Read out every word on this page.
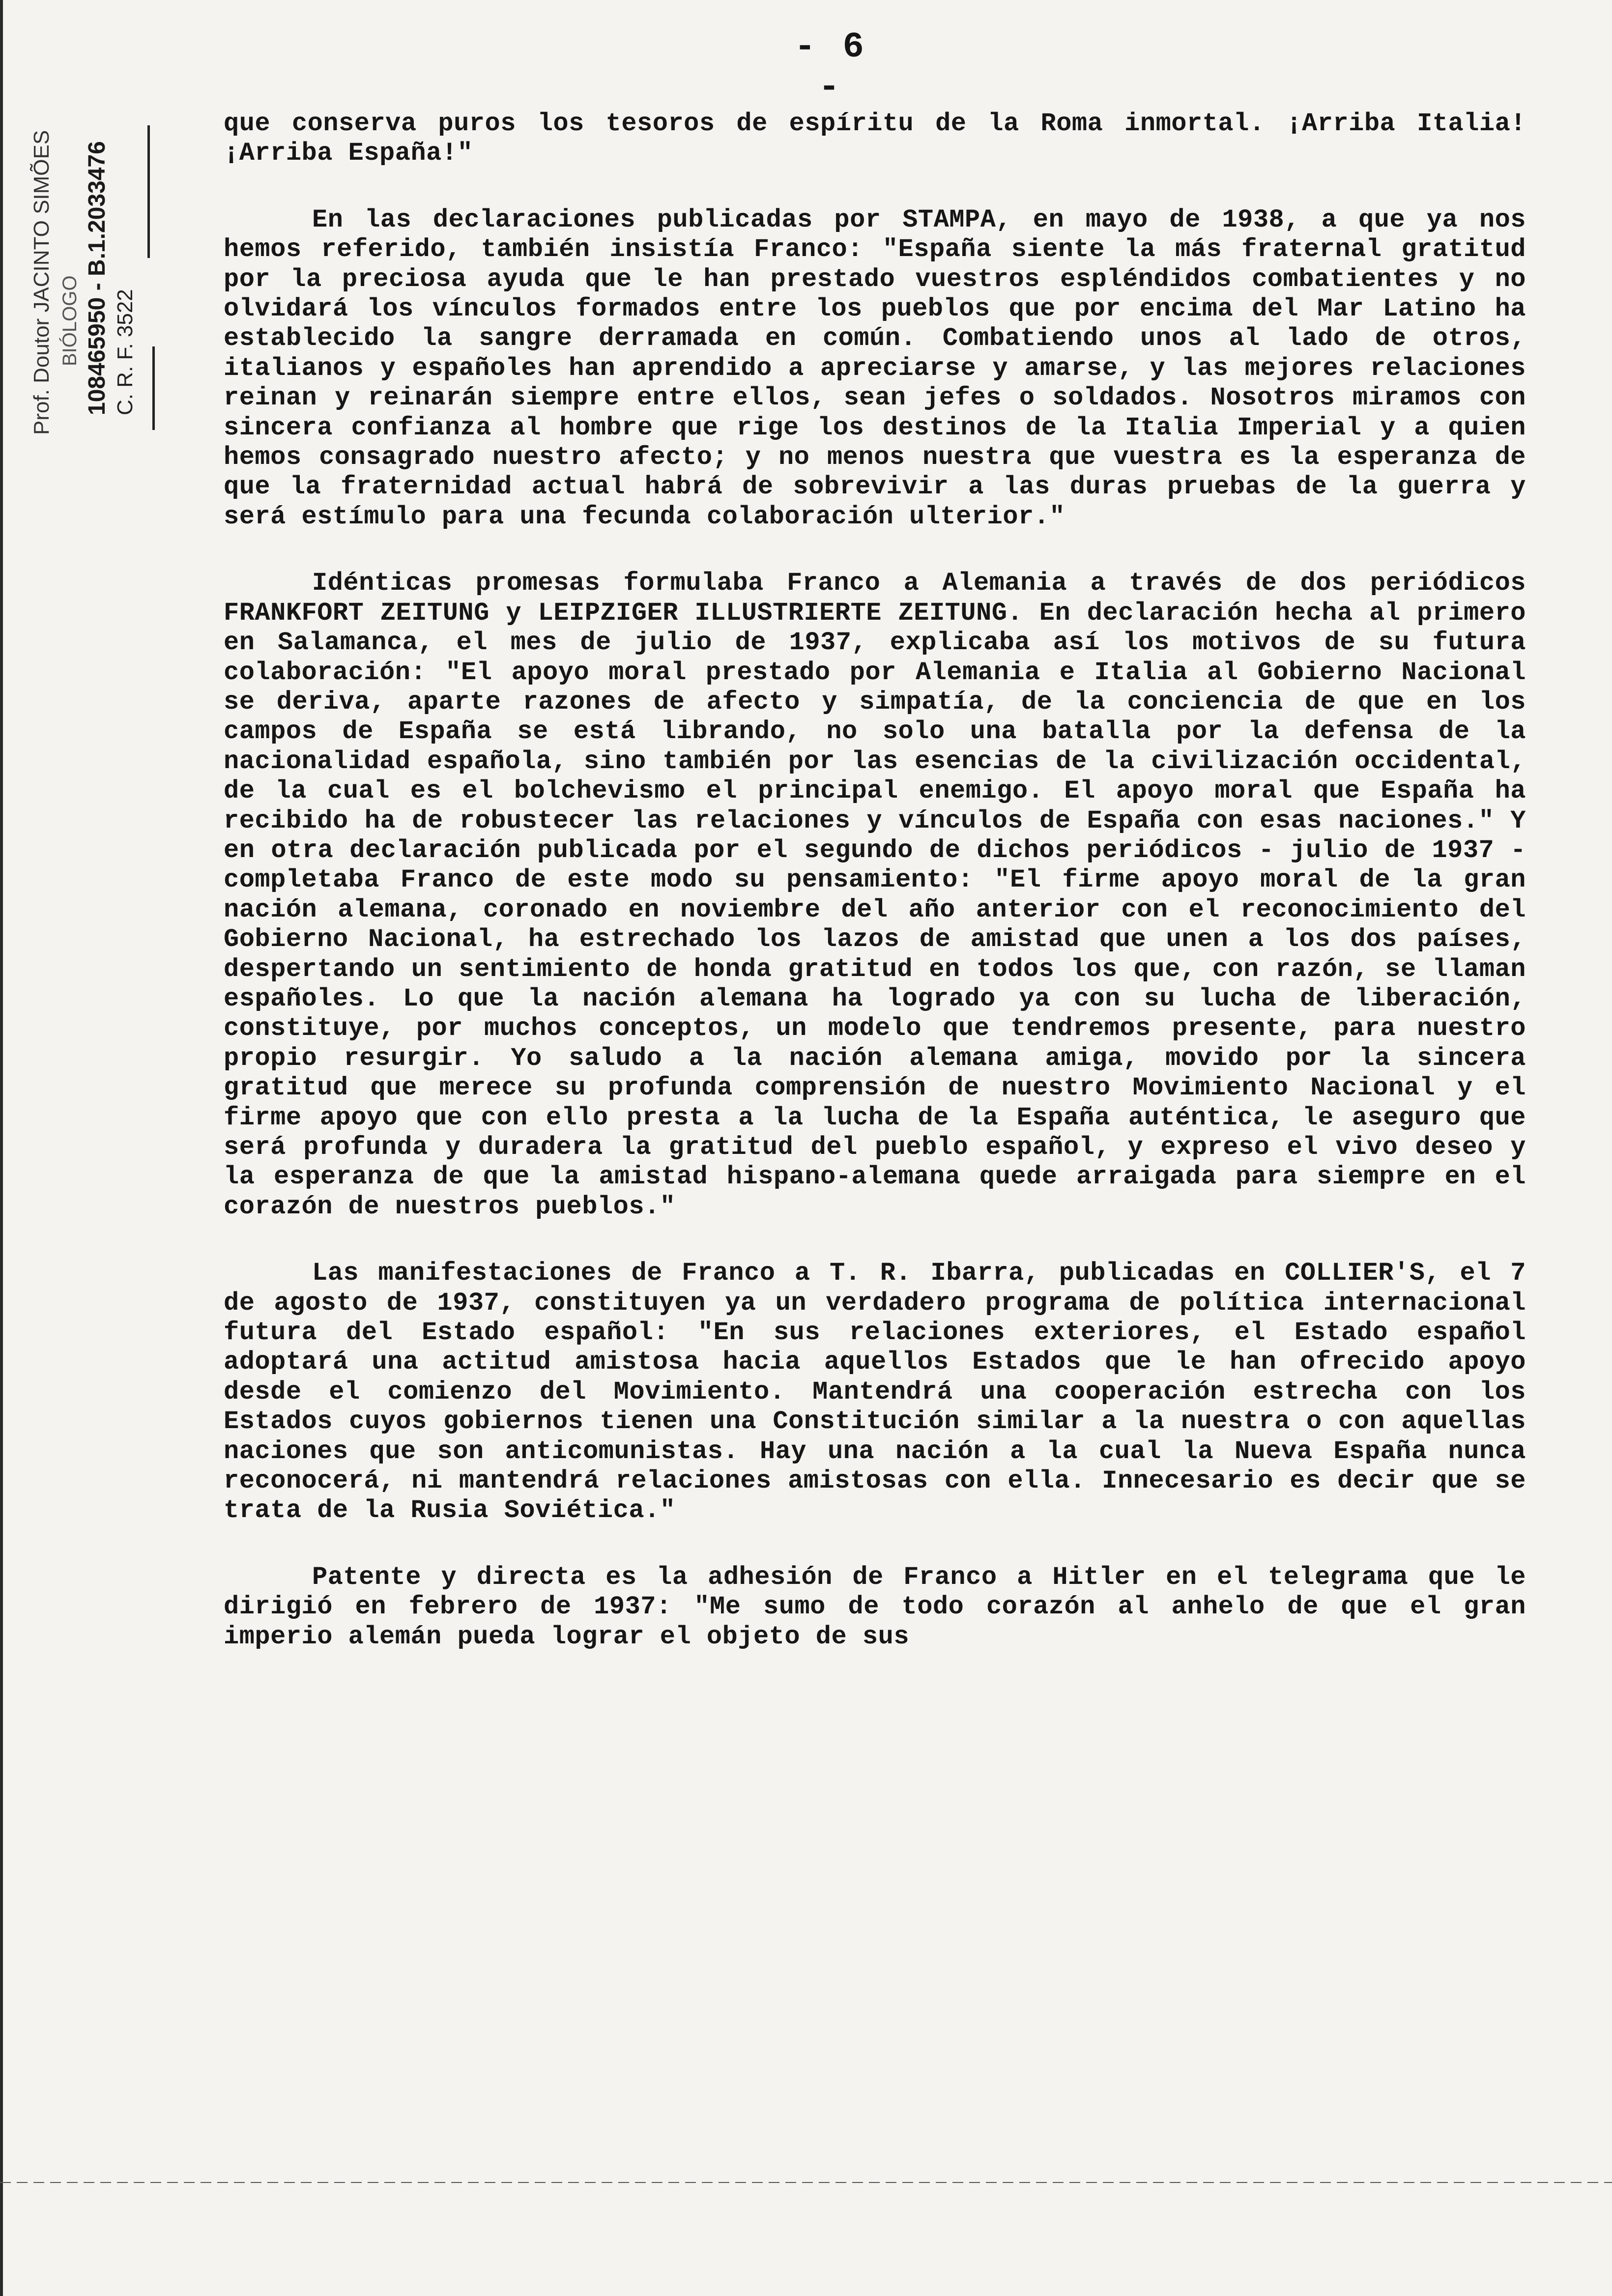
- 6 -
Prof. Doutor JACINTO SIMÕES BIÓLOGO 108465950 - B.1.2033476 C. R. F. 3522

que conserva puros los tesoros de espíritu de la Roma inmortal. ¡Arriba Italia! ¡Arriba España!"

En las declaraciones publicadas por STAMPA, en mayo de 1938, a que ya nos hemos referido, también insistía Franco: "España siente la más fraternal gratitud por la preciosa ayuda que le han prestado vuestros espléndidos combatientes y no olvidará los vínculos formados entre los pueblos que por encima del Mar Latino ha establecido la sangre derramada en común. Combatiendo unos al lado de otros, italianos y españoles han aprendido a apreciarse y amarse, y las mejores relaciones reinan y reinarán siempre entre ellos, sean jefes o soldados. Nosotros miramos con sincera confianza al hombre que rige los destinos de la Italia Imperial y a quien hemos consagrado nuestro afecto; y no menos nuestra que vuestra es la esperanza de que la fraternidad actual habrá de sobrevivir a las duras pruebas de la guerra y será estímulo para una fecunda colaboración ulterior."

Idénticas promesas formulaba Franco a Alemania a través de dos periódicos FRANKFORT ZEITUNG y LEIPZIGER ILLUSTRIERTE ZEITUNG. En declaración hecha al primero en Salamanca, el mes de julio de 1937, explicaba así los motivos de su futura colaboración: "El apoyo moral prestado por Alemania e Italia al Gobierno Nacional se deriva, aparte razones de afecto y simpatía, de la conciencia de que en los campos de España se está librando, no solo una batalla por la defensa de la nacionalidad española, sino también por las esencias de la civilización occidental, de la cual es el bolchevismo el principal enemigo. El apoyo moral que España ha recibido ha de robustecer las relaciones y vínculos de España con esas naciones." Y en otra declaración publicada por el segundo de dichos periódicos - julio de 1937 - completaba Franco de este modo su pensamiento: "El firme apoyo moral de la gran nación alemana, coronado en noviembre del año anterior con el reconocimiento del Gobierno Nacional, ha estrechado los lazos de amistad que unen a los dos países, despertando un sentimiento de honda gratitud en todos los que, con razón, se llaman españoles. Lo que la nación alemana ha logrado ya con su lucha de liberación, constituye, por muchos conceptos, un modelo que tendremos presente, para nuestro propio resurgir. Yo saludo a la nación alemana amiga, movido por la sincera gratitud que merece su profunda comprensión de nuestro Movimiento Nacional y el firme apoyo que con ello presta a la lucha de la España auténtica, le aseguro que será profunda y duradera la gratitud del pueblo español, y expreso el vivo deseo y la esperanza de que la amistad hispano-alemana quede arraigada para siempre en el corazón de nuestros pueblos."

Las manifestaciones de Franco a T. R. Ibarra, publicadas en COLLIER'S, el 7 de agosto de 1937, constituyen ya un verdadero programa de política internacional futura del Estado español: "En sus relaciones exteriores, el Estado español adoptará una actitud amistosa hacia aquellos Estados que le han ofrecido apoyo desde el comienzo del Movimiento. Mantendrá una cooperación estrecha con los Estados cuyos gobiernos tienen una Constitución similar a la nuestra o con aquellas naciones que son anticomunistas. Hay una nación a la cual la Nueva España nunca reconocerá, ni mantendrá relaciones amistosas con ella. Innecesario es decir que se trata de la Rusia Soviética."

Patente y directa es la adhesión de Franco a Hitler en el telegrama que le dirigió en febrero de 1937: "Me sumo de todo corazón al anhelo de que el gran imperio alemán pueda lograr el objeto de sus
